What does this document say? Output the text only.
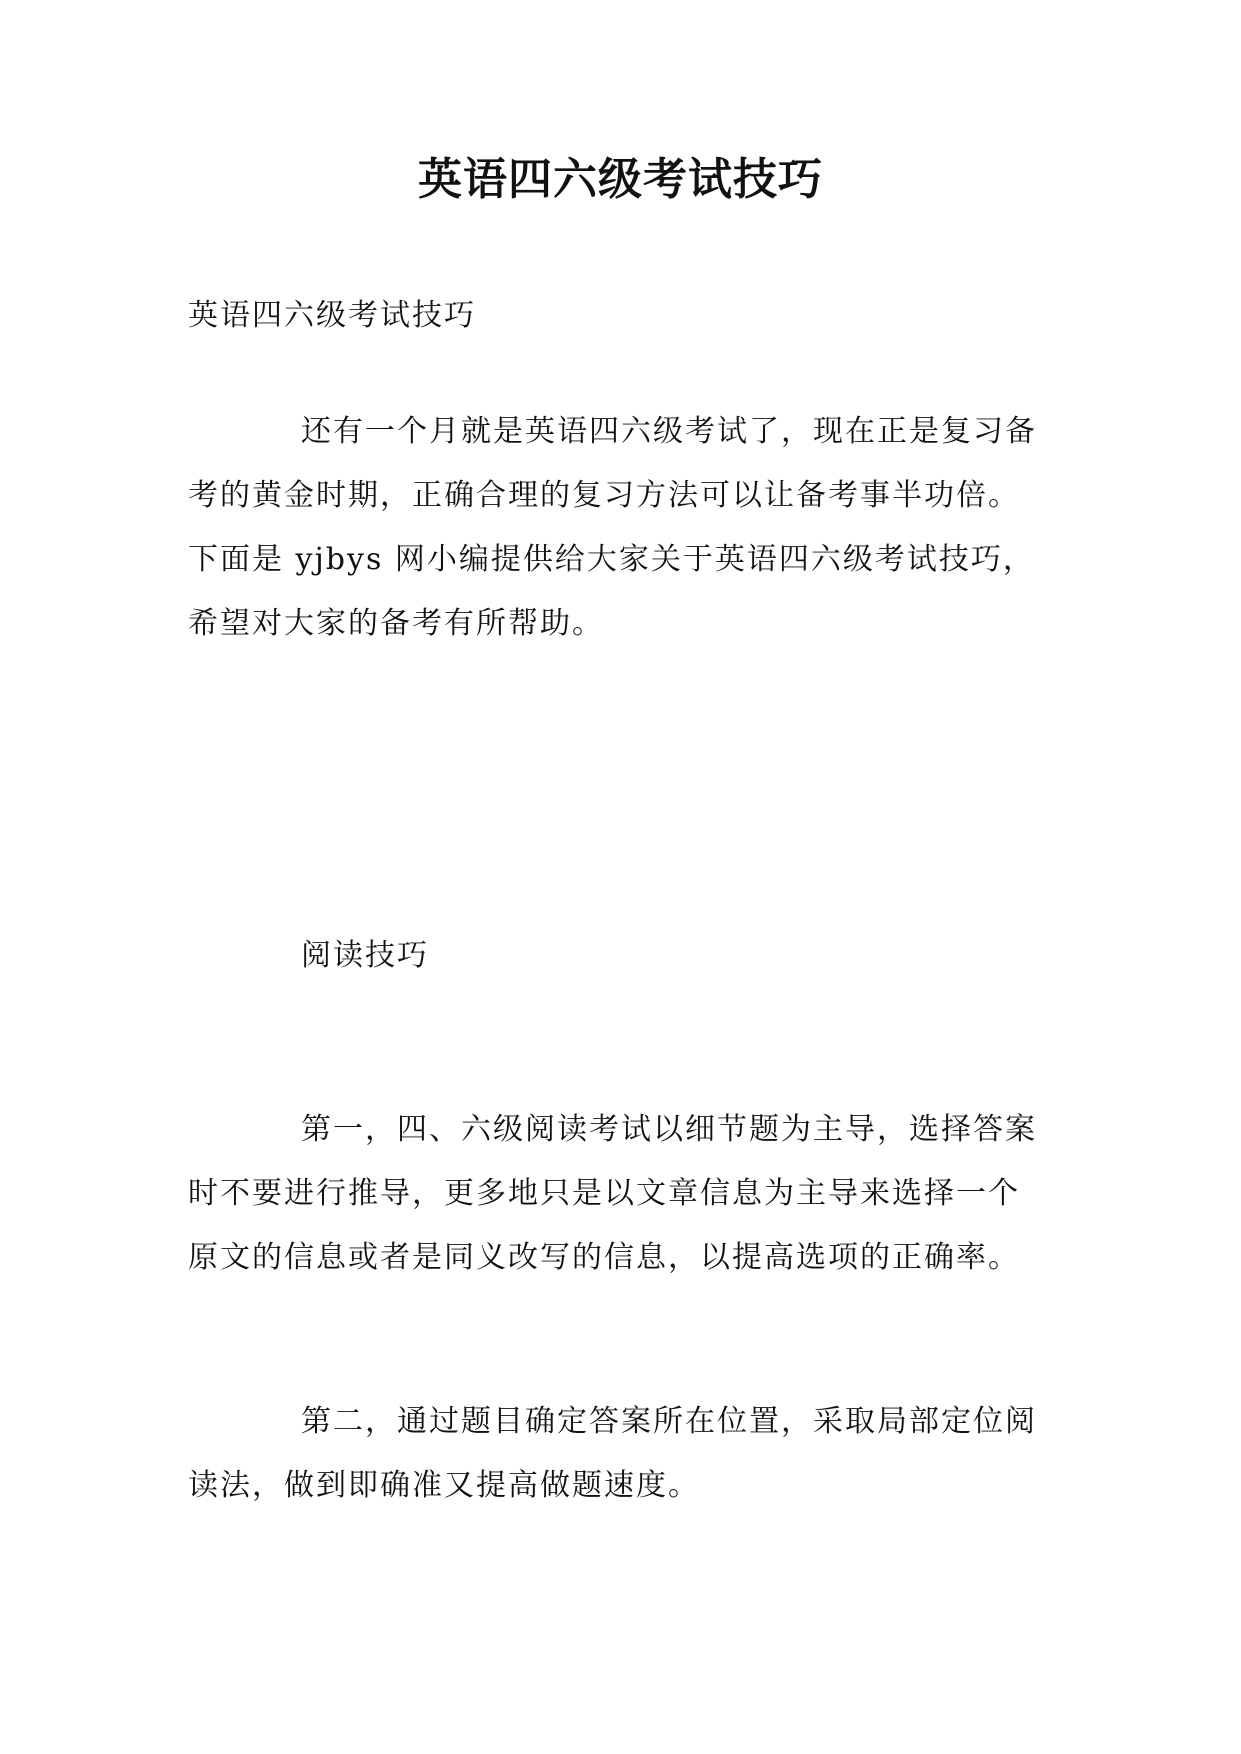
英语四六级考试技巧

英语四六级考试技巧

还有一个月就是英语四六级考试了，现在正是复习备
考的黄金时期，正确合理的复习方法可以让备考事半功倍。
下面是 yjbys 网小编提供给大家关于英语四六级考试技巧，
希望对大家的备考有所帮助。

阅读技巧

第一，四、六级阅读考试以细节题为主导，选择答案
时不要进行推导，更多地只是以文章信息为主导来选择一个
原文的信息或者是同义改写的信息，以提高选项的正确率。
第二，通过题目确定答案所在位置，采取局部定位阅
读法，做到即确准又提高做题速度。
